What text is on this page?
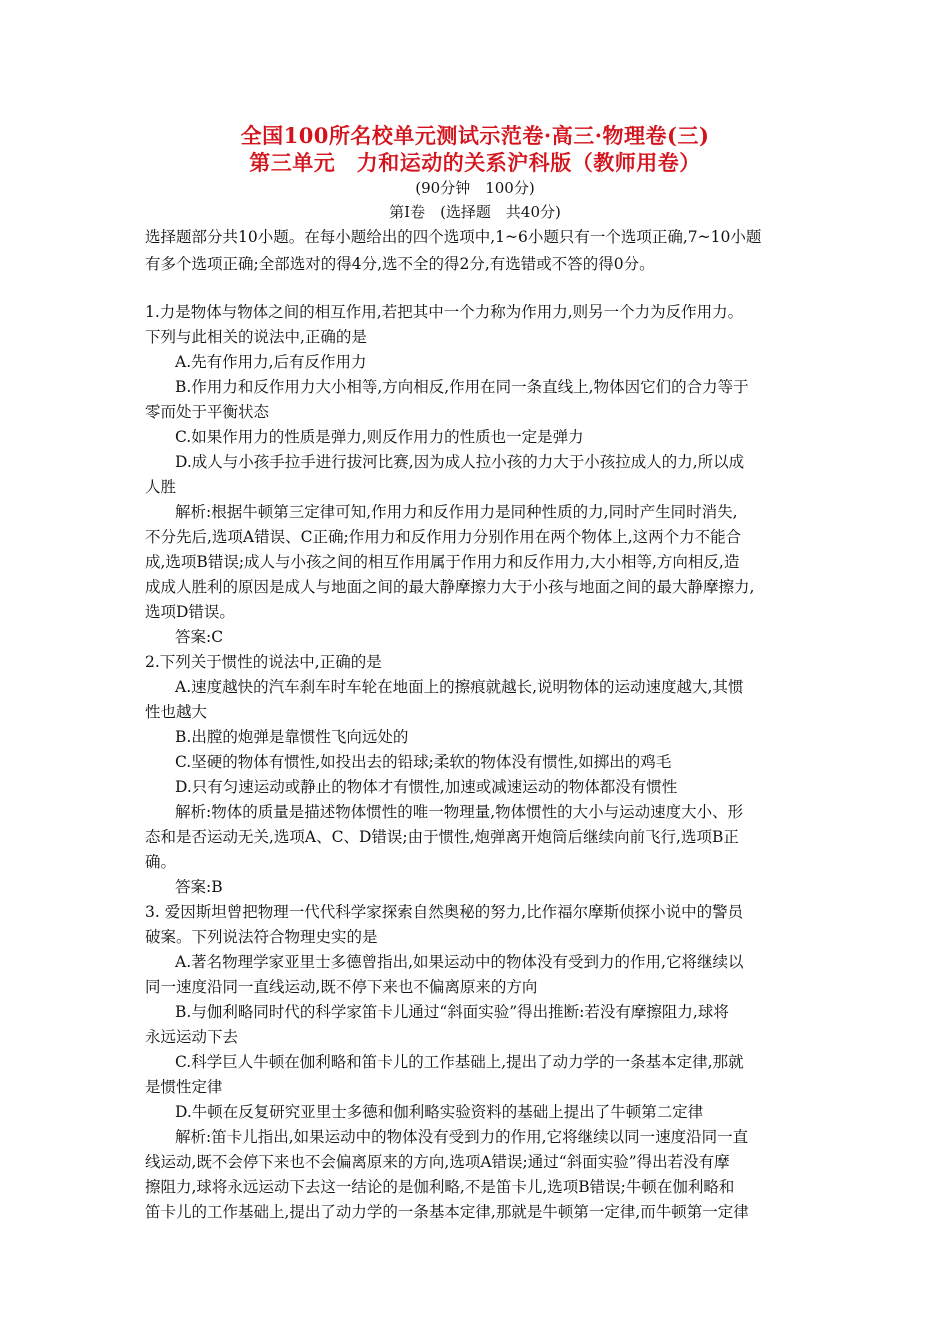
全国100所名校单元测试示范卷·高三·物理卷(三)
第三单元　力和运动的关系沪科版（教师用卷）
(90分钟　100分)
第Ⅰ卷　(选择题　共40分)
选择题部分共10小题。在每小题给出的四个选项中,1~6小题只有一个选项正确,7~10小题
有多个选项正确;全部选对的得4分,选不全的得2分,有选错或不答的得0分。
1.力是物体与物体之间的相互作用,若把其中一个力称为作用力,则另一个力为反作用力。
下列与此相关的说法中,正确的是
A.先有作用力,后有反作用力
B.作用力和反作用力大小相等,方向相反,作用在同一条直线上,物体因它们的合力等于
零而处于平衡状态
C.如果作用力的性质是弹力,则反作用力的性质也一定是弹力
D.成人与小孩手拉手进行拔河比赛,因为成人拉小孩的力大于小孩拉成人的力,所以成
人胜
解析:根据牛顿第三定律可知,作用力和反作用力是同种性质的力,同时产生同时消失,
不分先后,选项A错误、C正确;作用力和反作用力分别作用在两个物体上,这两个力不能合
成,选项B错误;成人与小孩之间的相互作用属于作用力和反作用力,大小相等,方向相反,造
成成人胜利的原因是成人与地面之间的最大静摩擦力大于小孩与地面之间的最大静摩擦力,
选项D错误。
答案:C
2.下列关于惯性的说法中,正确的是
A.速度越快的汽车刹车时车轮在地面上的擦痕就越长,说明物体的运动速度越大,其惯
性也越大
B.出膛的炮弹是靠惯性飞向远处的
C.坚硬的物体有惯性,如投出去的铅球;柔软的物体没有惯性,如掷出的鸡毛
D.只有匀速运动或静止的物体才有惯性,加速或减速运动的物体都没有惯性
解析:物体的质量是描述物体惯性的唯一物理量,物体惯性的大小与运动速度大小、形
态和是否运动无关,选项A、C、D错误;由于惯性,炮弹离开炮筒后继续向前飞行,选项B正
确。
答案:B
3. 爱因斯坦曾把物理一代代科学家探索自然奥秘的努力,比作福尔摩斯侦探小说中的警员
破案。下列说法符合物理史实的是
A.著名物理学家亚里士多德曾指出,如果运动中的物体没有受到力的作用,它将继续以
同一速度沿同一直线运动,既不停下来也不偏离原来的方向
B.与伽利略同时代的科学家笛卡儿通过“斜面实验”得出推断:若没有摩擦阻力,球将
永远运动下去
C.科学巨人牛顿在伽利略和笛卡儿的工作基础上,提出了动力学的一条基本定律,那就
是惯性定律
D.牛顿在反复研究亚里士多德和伽利略实验资料的基础上提出了牛顿第二定律
解析:笛卡儿指出,如果运动中的物体没有受到力的作用,它将继续以同一速度沿同一直
线运动,既不会停下来也不会偏离原来的方向,选项A错误;通过“斜面实验”得出若没有摩
擦阻力,球将永远运动下去这一结论的是伽利略,不是笛卡儿,选项B错误;牛顿在伽利略和
笛卡儿的工作基础上,提出了动力学的一条基本定律,那就是牛顿第一定律,而牛顿第一定律
